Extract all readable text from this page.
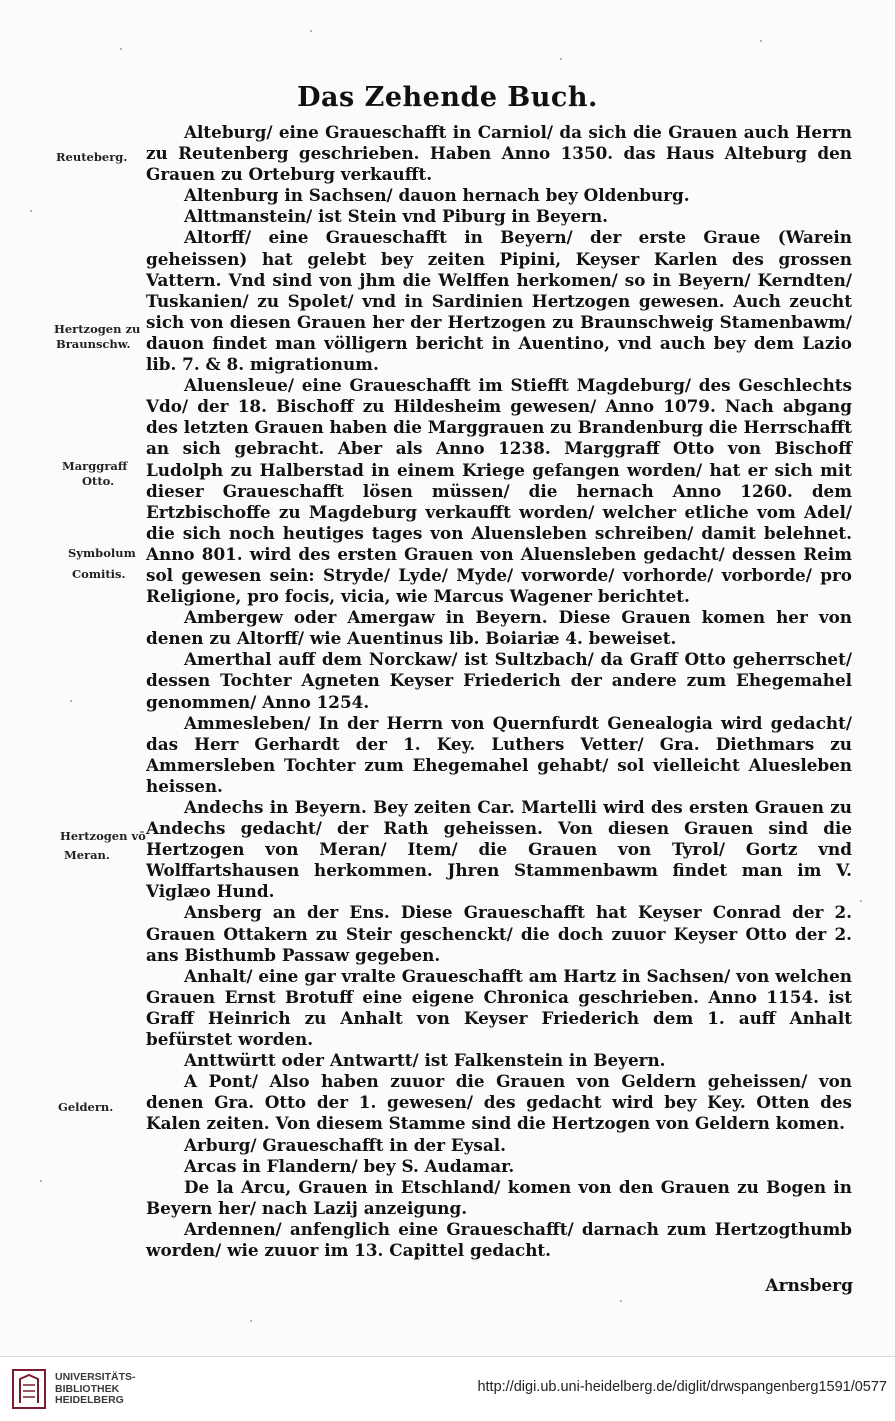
Das Zehende Buch.
Reuteberg.
Hertzogen zu
Braunschw.
Marggraff
Otto.
Symbolum
Comitis.
Hertzogen vō
Meran.
Geldern.

Alteburg/ eine Graueschafft in Carniol/ da sich die Grauen auch Herrn zu Reutenberg geschrieben. Haben Anno 1350. das Haus Alteburg den Grauen zu Orteburg verkaufft.

Altenburg in Sachsen/ dauon hernach bey Oldenburg.

Alttmanstein/ ist Stein vnd Piburg in Beyern.

Altorff/ eine Graueschafft in Beyern/ der erste Graue (Warein geheissen) hat gelebt bey zeiten Pipini, Keyser Karlen des grossen Vattern. Vnd sind von jhm die Welffen herkomen/ so in Beyern/ Kerndten/ Tuskanien/ zu Spolet/ vnd in Sardinien Hertzogen gewesen. Auch zeucht sich von diesen Grauen her der Hertzogen zu Braunschweig Stamenbawm/ dauon findet man völligern bericht in Auentino, vnd auch bey dem Lazio lib. 7. & 8. migrationum.

Aluensleue/ eine Graueschafft im Stiefft Magdeburg/ des Geschlechts Vdo/ der 18. Bischoff zu Hildesheim gewesen/ Anno 1079. Nach abgang des letzten Grauen haben die Marggrauen zu Brandenburg die Herrschafft an sich gebracht. Aber als Anno 1238. Marggraff Otto von Bischoff Ludolph zu Halberstad in einem Kriege gefangen worden/ hat er sich mit dieser Graueschafft lösen müssen/ die hernach Anno 1260. dem Ertzbischoffe zu Magdeburg verkaufft worden/ welcher etliche vom Adel/ die sich noch heutiges tages von Aluensleben schreiben/ damit belehnet. Anno 801. wird des ersten Grauen von Aluensleben gedacht/ dessen Reim sol gewesen sein: Stryde/ Lyde/ Myde/ vorworde/ vorhorde/ vorborde/ pro Religione, pro focis, vicia, wie Marcus Wagener berichtet.

Ambergew oder Amergaw in Beyern. Diese Grauen komen her von denen zu Altorff/ wie Auentinus lib. Boiariæ 4. beweiset.

Amerthal auff dem Norckaw/ ist Sultzbach/ da Graff Otto geherrschet/ dessen Tochter Agneten Keyser Friederich der andere zum Ehegemahel genommen/ Anno 1254.

Ammesleben/ In der Herrn von Quernfurdt Genealogia wird gedacht/ das Herr Gerhardt der 1. Key. Luthers Vetter/ Gra. Diethmars zu Ammersleben Tochter zum Ehegemahel gehabt/ sol vielleicht Aluesleben heissen.

Andechs in Beyern. Bey zeiten Car. Martelli wird des ersten Grauen zu Andechs gedacht/ der Rath geheissen. Von diesen Grauen sind die Hertzogen von Meran/ Item/ die Grauen von Tyrol/ Gortz vnd Wolffartshausen herkommen. Jhren Stammenbawm findet man im V. Viglæo Hund.

Ansberg an der Ens. Diese Graueschafft hat Keyser Conrad der 2. Grauen Ottakern zu Steir geschenckt/ die doch zuuor Keyser Otto der 2. ans Bisthumb Passaw gegeben.

Anhalt/ eine gar vralte Graueschafft am Hartz in Sachsen/ von welchen Grauen Ernst Brotuff eine eigene Chronica geschrieben. Anno 1154. ist Graff Heinrich zu Anhalt von Keyser Friederich dem 1. auff Anhalt befürstet worden.

Anttwürtt oder Antwartt/ ist Falkenstein in Beyern.

A Pont/ Also haben zuuor die Grauen von Geldern geheissen/ von denen Gra. Otto der 1. gewesen/ des gedacht wird bey Key. Otten des Kalen zeiten. Von diesem Stamme sind die Hertzogen von Geldern komen.

Arburg/ Graueschafft in der Eysal.

Arcas in Flandern/ bey S. Audamar.

De la Arcu, Grauen in Etschland/ komen von den Grauen zu Bogen in Beyern her/ nach Lazij anzeigung.

Ardennen/ anfenglich eine Graueschafft/ darnach zum Hertzogthumb worden/ wie zuuor im 13. Capittel gedacht.

Arnsberg
UNIVERSITÄTS-
BIBLIOTHEK
HEIDELBERG
http://digi.ub.uni-heidelberg.de/diglit/drwspangenberg1591/0577
